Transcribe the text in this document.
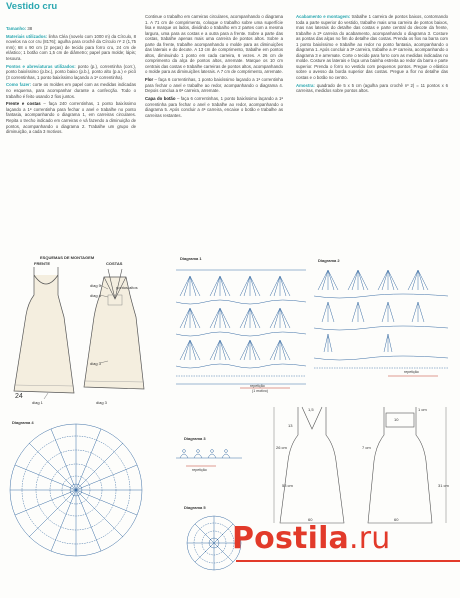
Vestido cru

Tamanho: 38

Materiais utilizados: linha Cléa (novelo com 1000 m) da Círculo, 8 novelos na cor cru (8176); agulha para crochê da Círculo nº 2 (1,75 mm); 68 x 90 cm (2 peças) de tecido para forro cru, 24 cm de elástico; 1 botão com 1,5 cm de diâmetro; papel para molde; lápis; tesoura.

Pontos e abreviaturas utilizados: ponto (p.), correntinha (corr.), ponto baixíssimo (p.bx.), ponto baixo (p.b.), ponto alto (p.a.) e picô (3 correntinhas, 1 ponto baixíssimo laçando a 1ª correntinha).

Como fazer: corte os moldes em papel com as medidas indicadas no esquema, para acompanhar durante a confecção. Todo o trabalho é feito usando 2 fios juntos.

Frente e costas – faça 240 correntinhas, 1 ponto baixíssimo laçando a 1ª correntinha para fechar o anel e trabalhe no ponto fantasia, acompanhando o diagrama 1, em carreiras circulares. Repita o trecho indicado em carreiras e vá fazendo a diminuição de pontos, acompanhando o diagrama 2. Trabalhe um grupo de diminuição, a cada 3 motivos.

Continue o trabalho em carreiras circulares, acompanhando o diagrama 1. A 71 cm de comprimento, coloque o trabalho sobre uma superfície lisa e marque os lados, dividindo o trabalho em 2 partes com a mesma largura, uma para as costas e a outra para a frente. Sobre a parte das costas, trabalhe apenas mais uma carreira de pontos altos. Sobre a parte da frente, trabalhe acompanhando o molde para as diminuições das laterais e do decote. A 13 cm de comprimento, trabalhe em pontos altos, diminuindo 1 ponto em cada carreira, 6 vezes. A 26 cm de comprimento da alça de pontos altos, arremate. Marque os 10 cm centrais das costas e trabalhe carreiras de pontos altos, acompanhando o molde para as diminuições laterais. A 7 cm de comprimento, arremate.

Flor – faça 6 correntinhas, 1 ponto baixíssimo laçando a 1ª correntinha para fechar o anel e trabalhe ao redor, acompanhando o diagrama 4. Depois conclua a 6ª carreira, arremate.

Capa do botão – faça 6 correntinhas, 1 ponto baixíssimo laçando a 1ª correntinha para fechar o anel e trabalhe ao redor, acompanhando o diagrama 5. Após concluir a 4ª carreira, encaixe o botão e trabalhe as carreiras restantes.

Acabamento e montagem: trabalhe 1 carreira de pontos baixos, contornando toda a parte superior do vestido, trabalhe mais uma carreira de pontos baixos, mas nas laterais do detalhe das costas e parte central do decote da frente, trabalhe a 2ª carreira do acabamento, acompanhando o diagrama 3. Costure as pontas das alças no fim do detalhe das costas. Prenda os fios na barra com 1 ponto baixíssimo e trabalhe ao redor no ponto fantasia, acompanhando o diagrama 1. Após concluir a 3ª carreira, trabalhe a 4ª carreira, acompanhando o diagrama 3 e arremate. Corte o tecido para forro com as medidas indicadas no molde. Costure as laterais e faça uma bainha estreita ao redor da barra e parte superior. Prenda o forro no vestido com pequenos pontos. Pregue o elástico sobre o avesso da borda superior das costas. Pregue a flor no detalhe das costas e o botão no centro.

Amostra: quadrado de 5 x 5 cm (agulha para crochê nº 2) = 11 pontos x 6 carreiras, medidos sobre pontos altos.

ESQUEMAS DE MONTAGEM
FRENTE	COSTAS
pontos altos
diag 5
diag 4
diag 3
diag 1	diag 3
24
Diagrama 1
repetição
(1 motivo)
Diagrama 2
repetição
Diagrama 4
Diagrama 3
repetição
Diagrama 5
1,5
13
26 cm
10
7 cm
53 cm
1 cm
60	60
31 cm
Postila.ru
